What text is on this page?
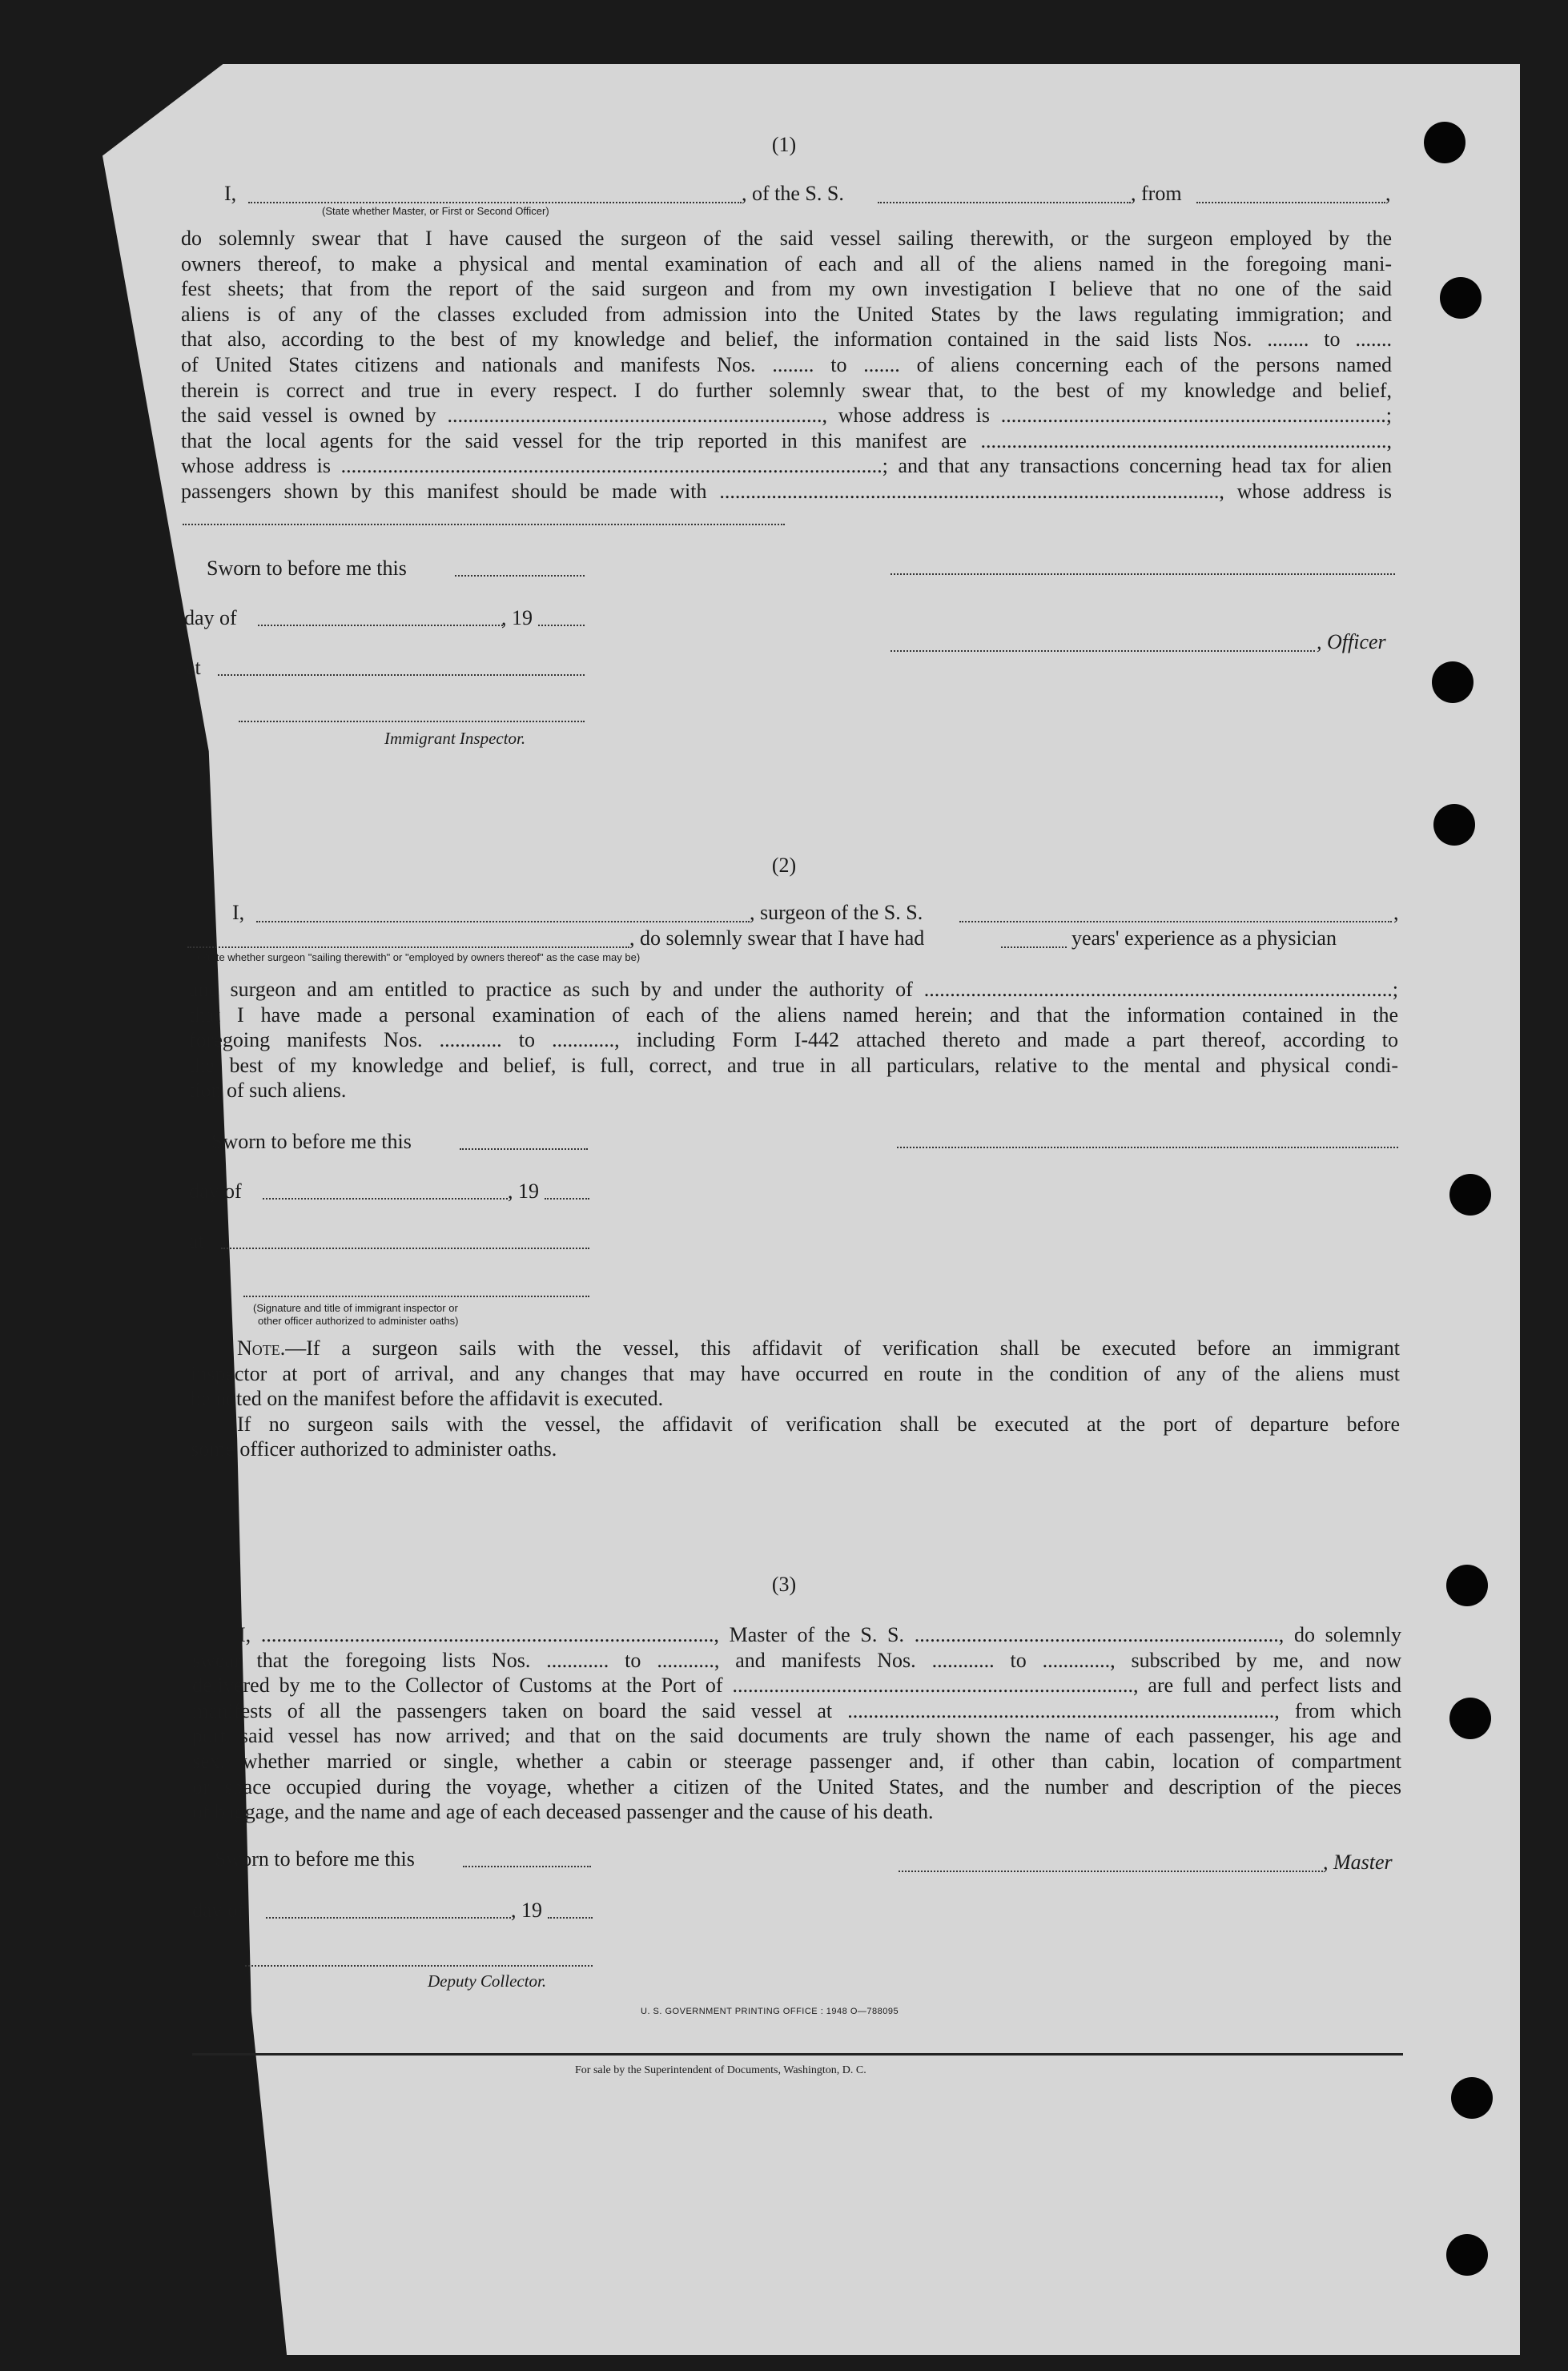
(1)
I,	, of the S. S.	, from	,
(State whether Master, or First or Second Officer)
do solemnly swear that I have caused the surgeon of the said vessel sailing therewith, or the surgeon employed by the
owners thereof, to make a physical and mental examination of each and all of the aliens named in the foregoing mani-
fest sheets; that from the report of the said surgeon and from my own investigation I believe that no one of the said
aliens is of any of the classes excluded from admission into the United States by the laws regulating immigration; and
that also, according to the best of my knowledge and belief, the information contained in the said lists Nos. ........ to .......
of United States citizens and nationals and manifests Nos. ........ to ....... of aliens concerning each of the persons named
therein is correct and true in every respect. I do further solemnly swear that, to the best of my knowledge and belief,
the said vessel is owned by ........................................................................, whose address is ..........................................................................;
that the local agents for the said vessel for the trip reported in this manifest are ..............................................................................,
whose address is ........................................................................................................; and that any transactions concerning head tax for alien
passengers shown by this manifest should be made with ................................................................................................, whose address is
Sworn to before me this
day of	, 19
, Officer
at
Immigrant Inspector.
(2)
I,	, surgeon of the S. S.	,
, do solemnly swear that I have had	years' experience as a physician
(State whether surgeon "sailing therewith" or "employed by owners thereof" as the case may be)
and surgeon and am entitled to practice as such by and under the authority of ..........................................................................................;
that I have made a personal examination of each of the aliens named herein; and that the information contained in the
foregoing manifests Nos. ............ to ............, including Form I-442 attached thereto and made a part thereof, according to
the best of my knowledge and belief, is full, correct, and true in all particulars, relative to the mental and physical condi-
tion of such aliens.
Sworn to before me this
day of	, 19
at
(Signature and title of immigrant inspector or
other officer authorized to administer oaths)
Note.—If a surgeon sails with the vessel, this affidavit of verification shall be executed before an immigrant
inspector at port of arrival, and any changes that may have occurred en route in the condition of any of the aliens must
be noted on the manifest before the affidavit is executed.
If no surgeon sails with the vessel, the affidavit of verification shall be executed at the port of departure before
some officer authorized to administer oaths.
(3)
I, ......................................................................................., Master of the S. S. ......................................................................, do solemnly
swear that the foregoing lists Nos. ............ to ..........., and manifests Nos. ............ to ............., subscribed by me, and now
delivered by me to the Collector of Customs at the Port of ............................................................................., are full and perfect lists and
manifests of all the passengers taken on board the said vessel at .................................................................................., from which
port said vessel has now arrived; and that on the said documents are truly shown the name of each passenger, his age and
sex, whether married or single, whether a cabin or steerage passenger and, if other than cabin, location of compartment
or space occupied during the voyage, whether a citizen of the United States, and the number and description of the pieces
of baggage, and the name and age of each deceased passenger and the cause of his death.
Sworn to before me this	, Master
day of	, 19
Deputy Collector.
U. S. GOVERNMENT PRINTING OFFICE : 1948 O—788095
For sale by the Superintendent of Documents, Washington, D. C.
